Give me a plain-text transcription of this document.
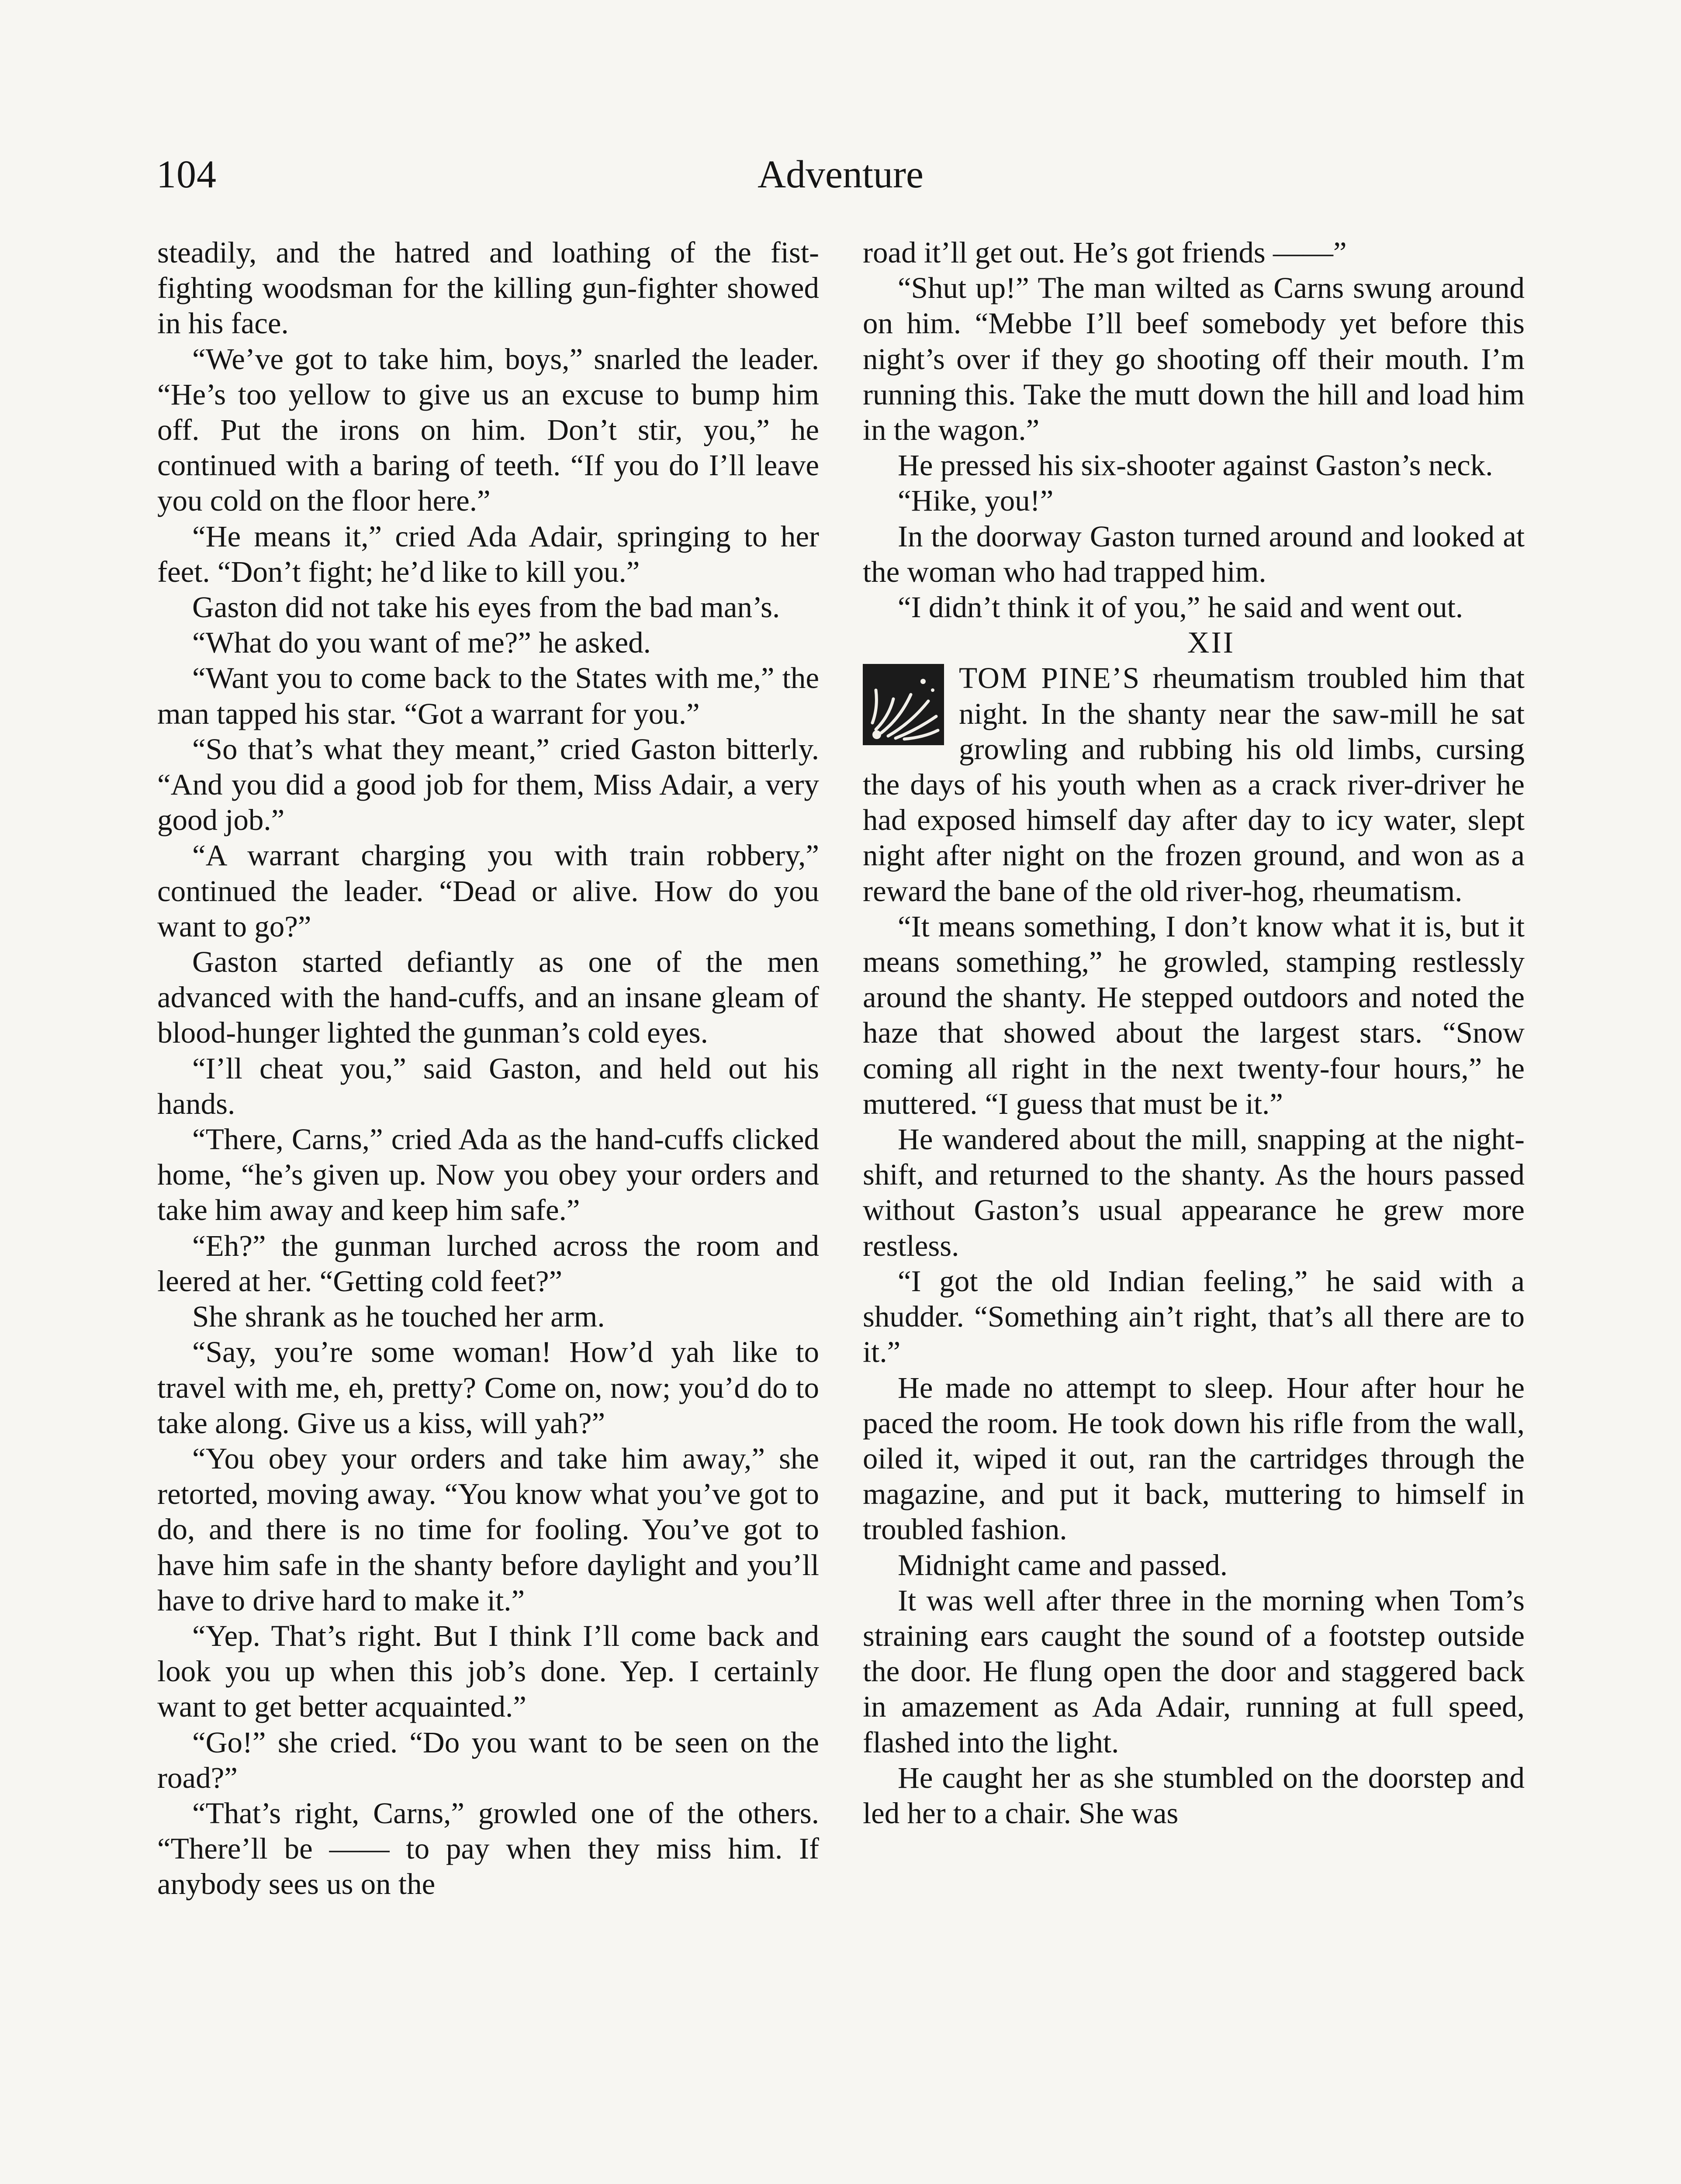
104	Adventure

steadily, and the hatred and loathing of the fist-fighting woodsman for the killing gun-fighter showed in his face.

“We’ve got to take him, boys,” snarled the leader. “He’s too yellow to give us an excuse to bump him off. Put the irons on him. Don’t stir, you,” he continued with a baring of teeth. “If you do I’ll leave you cold on the floor here.”

“He means it,” cried Ada Adair, springing to her feet. “Don’t fight; he’d like to kill you.”

Gaston did not take his eyes from the bad man’s.

“What do you want of me?” he asked.

“Want you to come back to the States with me,” the man tapped his star. “Got a warrant for you.”

“So that’s what they meant,” cried Gaston bitterly. “And you did a good job for them, Miss Adair, a very good job.”

“A warrant charging you with train robbery,” continued the leader. “Dead or alive. How do you want to go?”

Gaston started defiantly as one of the men advanced with the hand-cuffs, and an insane gleam of blood-hunger lighted the gunman’s cold eyes.

“I’ll cheat you,” said Gaston, and held out his hands.

“There, Carns,” cried Ada as the hand-cuffs clicked home, “he’s given up. Now you obey your orders and take him away and keep him safe.”

“Eh?” the gunman lurched across the room and leered at her. “Getting cold feet?”

She shrank as he touched her arm.

“Say, you’re some woman! How’d yah like to travel with me, eh, pretty? Come on, now; you’d do to take along. Give us a kiss, will yah?”

“You obey your orders and take him away,” she retorted, moving away. “You know what you’ve got to do, and there is no time for fooling. You’ve got to have him safe in the shanty before daylight and you’ll have to drive hard to make it.”

“Yep. That’s right. But I think I’ll come back and look you up when this job’s done. Yep. I certainly want to get better acquainted.”

“Go!” she cried. “Do you want to be seen on the road?”

“That’s right, Carns,” growled one of the others. “There’ll be —— to pay when they miss him. If anybody sees us on the

road it’ll get out. He’s got friends ——”

“Shut up!” The man wilted as Carns swung around on him. “Mebbe I’ll beef somebody yet before this night’s over if they go shooting off their mouth. I’m running this. Take the mutt down the hill and load him in the wagon.”

He pressed his six-shooter against Gaston’s neck.

“Hike, you!”

In the doorway Gaston turned around and looked at the woman who had trapped him.

“I didn’t think it of you,” he said and went out.

XII

TOM PINE’S rheumatism troubled him that night. In the shanty near the saw-mill he sat growling and rubbing his old limbs, cursing the days of his youth when as a crack river-driver he had exposed himself day after day to icy water, slept night after night on the frozen ground, and won as a reward the bane of the old river-hog, rheumatism.

“It means something, I don’t know what it is, but it means something,” he growled, stamping restlessly around the shanty. He stepped outdoors and noted the haze that showed about the largest stars. “Snow coming all right in the next twenty-four hours,” he muttered. “I guess that must be it.”

He wandered about the mill, snapping at the night-shift, and returned to the shanty. As the hours passed without Gaston’s usual appearance he grew more restless.

“I got the old Indian feeling,” he said with a shudder. “Something ain’t right, that’s all there are to it.”

He made no attempt to sleep. Hour after hour he paced the room. He took down his rifle from the wall, oiled it, wiped it out, ran the cartridges through the magazine, and put it back, muttering to himself in troubled fashion.

Midnight came and passed.

It was well after three in the morning when Tom’s straining ears caught the sound of a footstep outside the door. He flung open the door and staggered back in amazement as Ada Adair, running at full speed, flashed into the light.

He caught her as she stumbled on the doorstep and led her to a chair. She was
